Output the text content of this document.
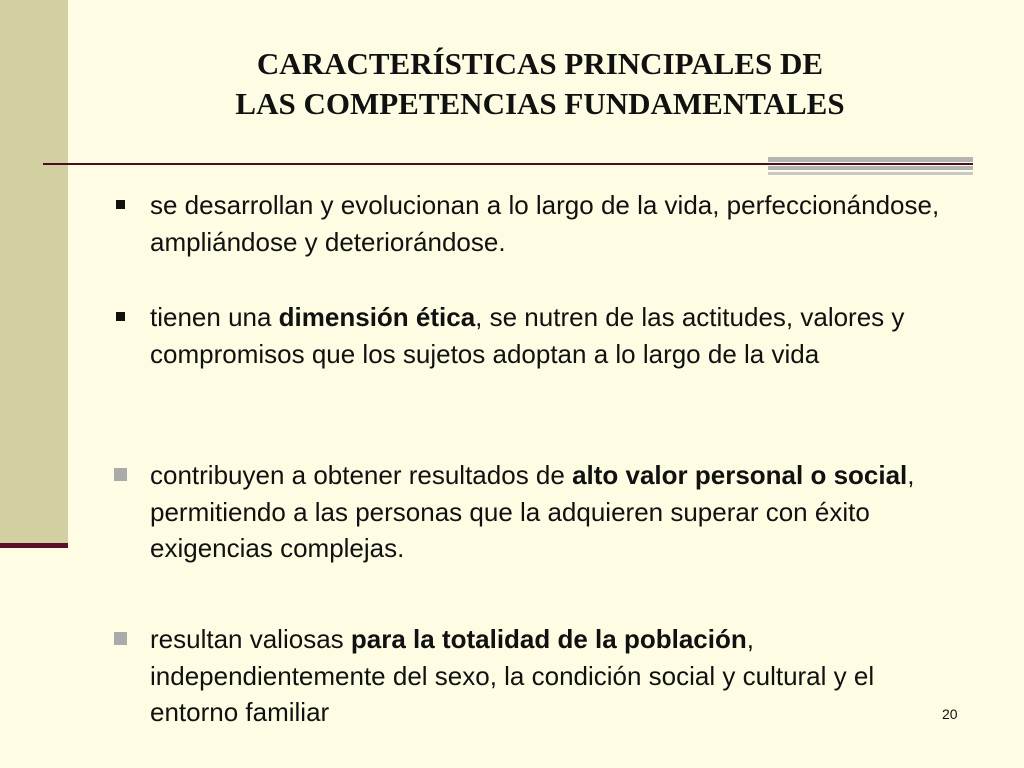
CARACTERÍSTICAS PRINCIPALES DE
LAS COMPETENCIAS FUNDAMENTALES
se desarrollan y evolucionan a lo largo de la vida, perfeccionándose, ampliándose y deteriorándose.
tienen una dimensión ética, se nutren de las actitudes, valores y compromisos que los sujetos adoptan a lo largo de la vida
contribuyen a obtener resultados de alto valor personal o social, permitiendo a las personas que la adquieren superar con éxito exigencias complejas.
resultan valiosas para la totalidad de la población, independientemente del sexo, la condición social y cultural y el entorno familiar	20
